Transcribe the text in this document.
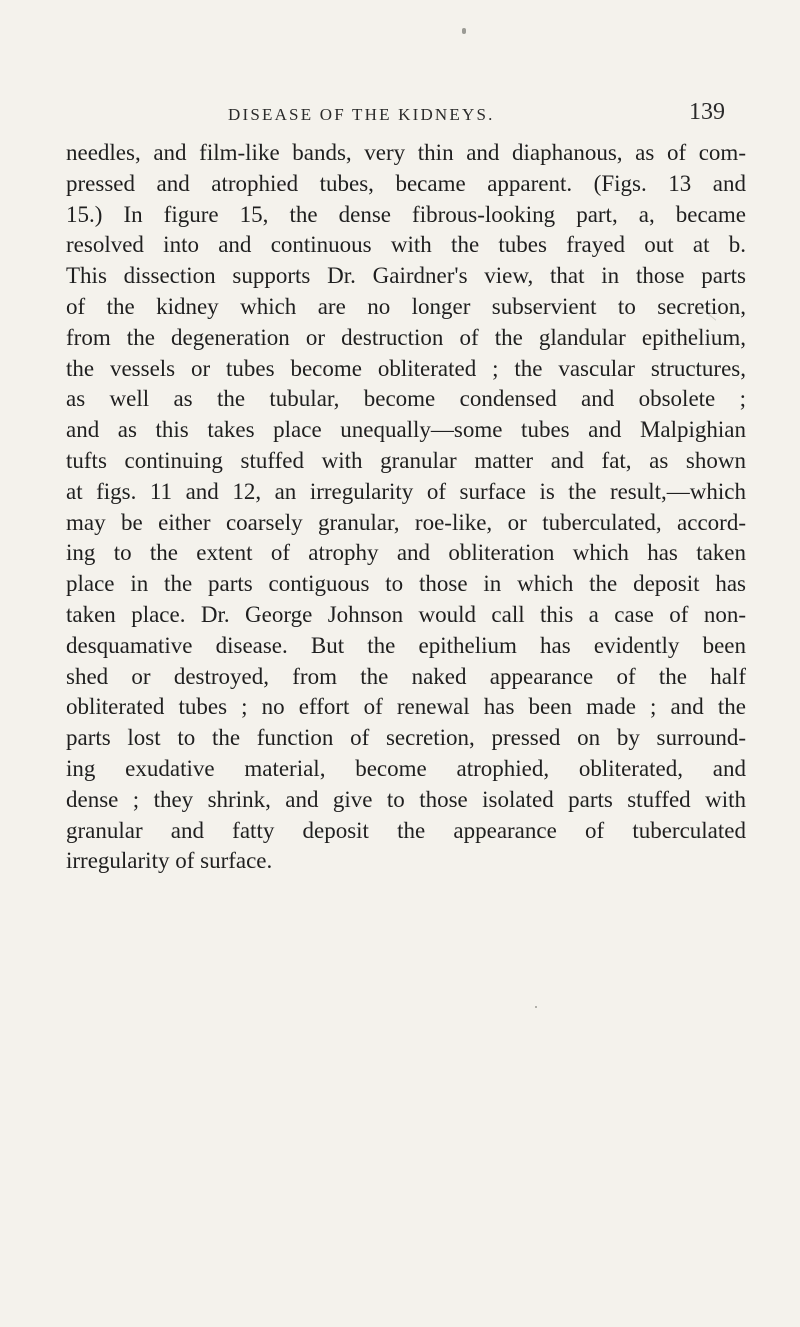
DISEASE OF THE KIDNEYS.	139
needles, and film-like bands, very thin and diaphanous, as of com-
pressed and atrophied tubes, became apparent. (Figs. 13 and
15.) In figure 15, the dense fibrous-looking part, a, became
resolved into and continuous with the tubes frayed out at b.
This dissection supports Dr. Gairdner's view, that in those parts
of the kidney which are no longer subservient to secretion,
from the degeneration or destruction of the glandular epithelium,
the vessels or tubes become obliterated ; the vascular structures,
as well as the tubular, become condensed and obsolete ;
and as this takes place unequally—some tubes and Malpighian
tufts continuing stuffed with granular matter and fat, as shown
at figs. 11 and 12, an irregularity of surface is the result,—which
may be either coarsely granular, roe-like, or tuberculated, accord-
ing to the extent of atrophy and obliteration which has taken
place in the parts contiguous to those in which the deposit has
taken place. Dr. George Johnson would call this a case of non-
desquamative disease. But the epithelium has evidently been
shed or destroyed, from the naked appearance of the half
obliterated tubes ; no effort of renewal has been made ; and the
parts lost to the function of secretion, pressed on by surround-
ing exudative material, become atrophied, obliterated, and
dense ; they shrink, and give to those isolated parts stuffed with
granular and fatty deposit the appearance of tuberculated
irregularity of surface.
